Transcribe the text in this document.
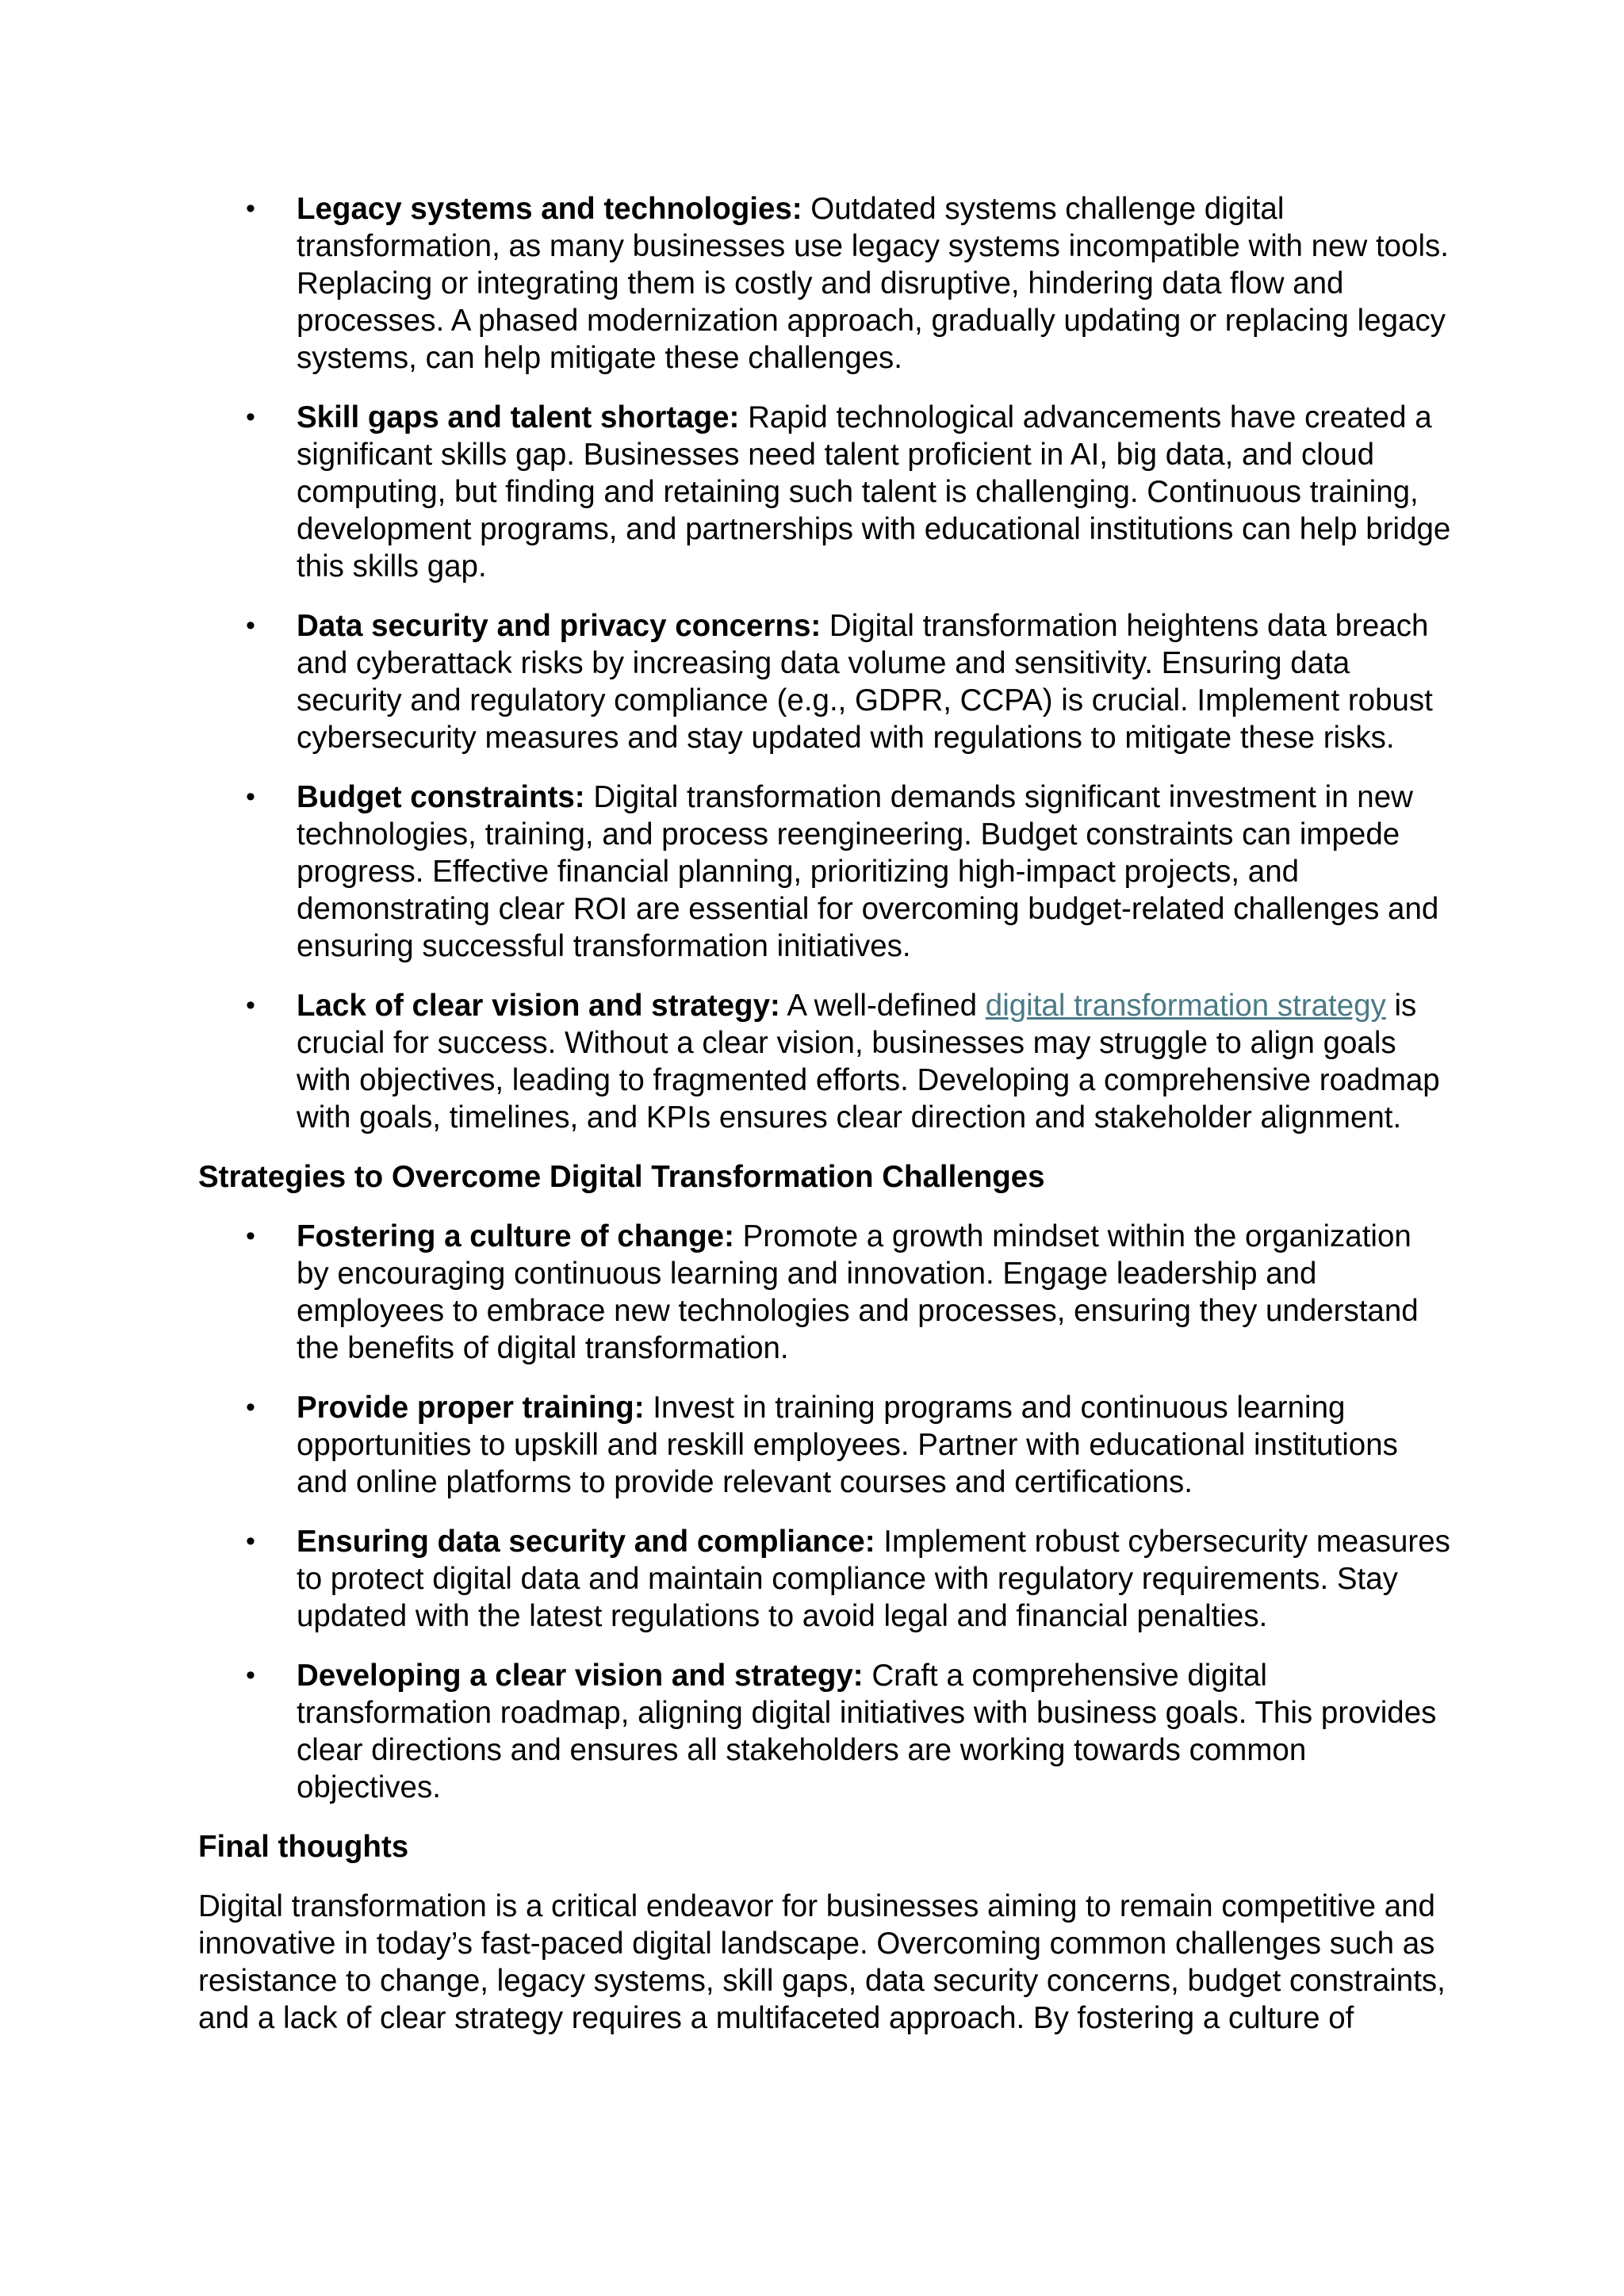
• Legacy systems and technologies: Outdated systems challenge digital transformation, as many businesses use legacy systems incompatible with new tools. Replacing or integrating them is costly and disruptive, hindering data flow and processes. A phased modernization approach, gradually updating or replacing legacy systems, can help mitigate these challenges.
• Skill gaps and talent shortage: Rapid technological advancements have created a significant skills gap. Businesses need talent proficient in AI, big data, and cloud computing, but finding and retaining such talent is challenging. Continuous training, development programs, and partnerships with educational institutions can help bridge this skills gap.
• Data security and privacy concerns: Digital transformation heightens data breach and cyberattack risks by increasing data volume and sensitivity. Ensuring data security and regulatory compliance (e.g., GDPR, CCPA) is crucial. Implement robust cybersecurity measures and stay updated with regulations to mitigate these risks.
• Budget constraints: Digital transformation demands significant investment in new technologies, training, and process reengineering. Budget constraints can impede progress. Effective financial planning, prioritizing high-impact projects, and demonstrating clear ROI are essential for overcoming budget-related challenges and ensuring successful transformation initiatives.
• Lack of clear vision and strategy: A well-defined digital transformation strategy is crucial for success. Without a clear vision, businesses may struggle to align goals with objectives, leading to fragmented efforts. Developing a comprehensive roadmap with goals, timelines, and KPIs ensures clear direction and stakeholder alignment.
Strategies to Overcome Digital Transformation Challenges
• Fostering a culture of change: Promote a growth mindset within the organization by encouraging continuous learning and innovation. Engage leadership and employees to embrace new technologies and processes, ensuring they understand the benefits of digital transformation.
• Provide proper training: Invest in training programs and continuous learning opportunities to upskill and reskill employees. Partner with educational institutions and online platforms to provide relevant courses and certifications.
• Ensuring data security and compliance: Implement robust cybersecurity measures to protect digital data and maintain compliance with regulatory requirements. Stay updated with the latest regulations to avoid legal and financial penalties.
• Developing a clear vision and strategy: Craft a comprehensive digital transformation roadmap, aligning digital initiatives with business goals. This provides clear directions and ensures all stakeholders are working towards common objectives.
Final thoughts

Digital transformation is a critical endeavor for businesses aiming to remain competitive and innovative in today’s fast-paced digital landscape. Overcoming common challenges such as resistance to change, legacy systems, skill gaps, data security concerns, budget constraints, and a lack of clear strategy requires a multifaceted approach. By fostering a culture of
